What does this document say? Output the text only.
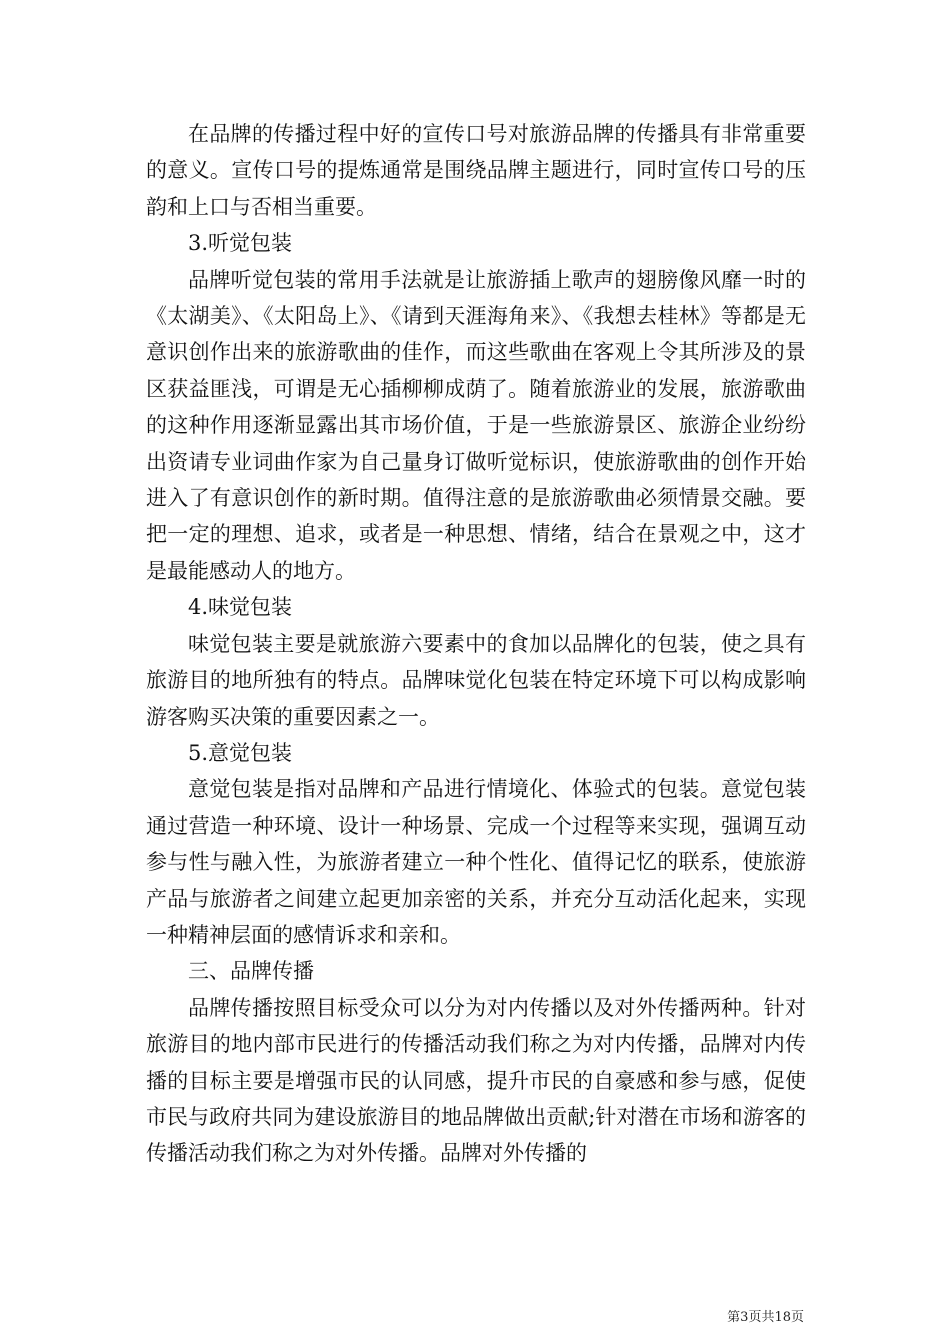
在品牌的传播过程中好的宣传口号对旅游品牌的传播具有非常重要的意义。宣传口号的提炼通常是围绕品牌主题进行，同时宣传口号的压韵和上口与否相当重要。

3.听觉包装

品牌听觉包装的常用手法就是让旅游插上歌声的翅膀像风靡一时的《太湖美》、《太阳岛上》、《请到天涯海角来》、《我想去桂林》等都是无意识创作出来的旅游歌曲的佳作，而这些歌曲在客观上令其所涉及的景区获益匪浅，可谓是无心插柳柳成荫了。随着旅游业的发展，旅游歌曲的这种作用逐渐显露出其市场价值，于是一些旅游景区、旅游企业纷纷出资请专业词曲作家为自己量身订做听觉标识，使旅游歌曲的创作开始进入了有意识创作的新时期。值得注意的是旅游歌曲必须情景交融。要把一定的理想、追求，或者是一种思想、情绪，结合在景观之中，这才是最能感动人的地方。

4.味觉包装

味觉包装主要是就旅游六要素中的食加以品牌化的包装，使之具有旅游目的地所独有的特点。品牌味觉化包装在特定环境下可以构成影响游客购买决策的重要因素之一。

5.意觉包装

意觉包装是指对品牌和产品进行情境化、体验式的包装。意觉包装通过营造一种环境、设计一种场景、完成一个过程等来实现，强调互动参与性与融入性，为旅游者建立一种个性化、值得记忆的联系，使旅游产品与旅游者之间建立起更加亲密的关系，并充分互动活化起来，实现一种精神层面的感情诉求和亲和。

三、品牌传播

品牌传播按照目标受众可以分为对内传播以及对外传播两种。针对旅游目的地内部市民进行的传播活动我们称之为对内传播，品牌对内传播的目标主要是增强市民的认同感，提升市民的自豪感和参与感，促使市民与政府共同为建设旅游目的地品牌做出贡献;针对潜在市场和游客的传播活动我们称之为对外传播。品牌对外传播的

第3页共18页
